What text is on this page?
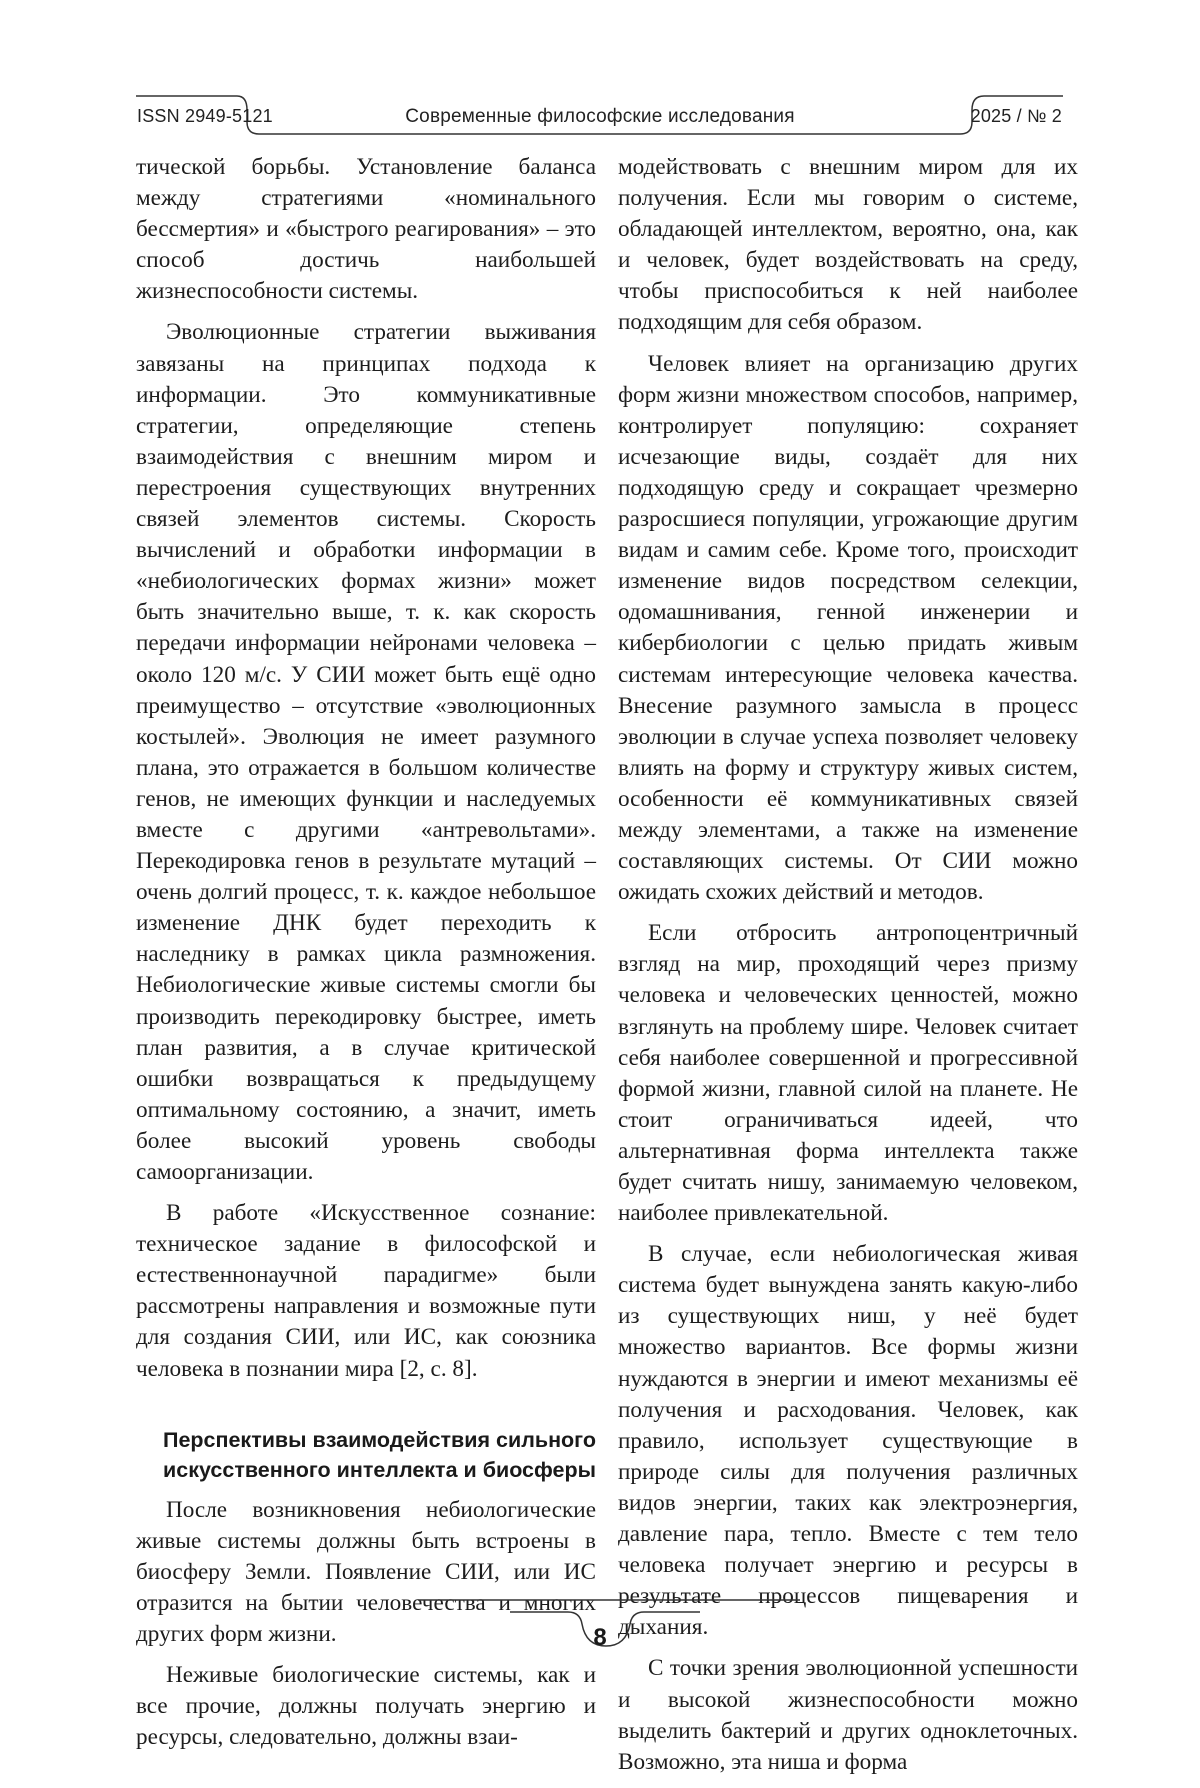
ISSN 2949-5121	Современные философские исследования	2025 / № 2

тической борьбы. Установление баланса между стратегиями «номинального бессмертия» и «быстрого реагирования» – это способ достичь наибольшей жизнеспособности системы.

Эволюционные стратегии выживания завязаны на принципах подхода к информации. Это коммуникативные стратегии, определяющие степень взаимодействия с внешним миром и перестроения существующих внутренних связей элементов системы. Скорость вычислений и обработки информации в «небиологических формах жизни» может быть значительно выше, т. к. как скорость передачи информации нейронами человека – около 120 м/с. У СИИ может быть ещё одно преимущество – отсутствие «эволюционных костылей». Эволюция не имеет разумного плана, это отражается в большом количестве генов, не имеющих функции и наследуемых вместе с другими «антревольтами». Перекодировка генов в результате мутаций – очень долгий процесс, т. к. каждое небольшое изменение ДНК будет переходить к наследнику в рамках цикла размножения. Небиологические живые системы смогли бы производить перекодировку быстрее, иметь план развития, а в случае критической ошибки возвращаться к предыдущему оптимальному состоянию, а значит, иметь более высокий уровень свободы самоорганизации.

В работе «Искусственное сознание: техническое задание в философской и естественнонаучной парадигме» были рассмотрены направления и возможные пути для создания СИИ, или ИС, как союзника человека в познании мира [2, с. 8].

Перспективы взаимодействия сильного искусственного интеллекта и биосферы

После возникновения небиологические живые системы должны быть встроены в биосферу Земли. Появление СИИ, или ИС отразится на бытии человечества и многих других форм жизни.

Неживые биологические системы, как и все прочие, должны получать энергию и ресурсы, следовательно, должны взаи-

модействовать с внешним миром для их получения. Если мы говорим о системе, обладающей интеллектом, вероятно, она, как и человек, будет воздействовать на среду, чтобы приспособиться к ней наиболее подходящим для себя образом.

Человек влияет на организацию других форм жизни множеством способов, например, контролирует популяцию: сохраняет исчезающие виды, создаёт для них подходящую среду и сокращает чрезмерно разросшиеся популяции, угрожающие другим видам и самим себе. Кроме того, происходит изменение видов посредством селекции, одомашнивания, генной инженерии и кибербиологии с целью придать живым системам интересующие человека качества. Внесение разумного замысла в процесс эволюции в случае успеха позволяет человеку влиять на форму и структуру живых систем, особенности её коммуникативных связей между элементами, а также на изменение составляющих системы. От СИИ можно ожидать схожих действий и методов.

Если отбросить антропоцентричный взгляд на мир, проходящий через призму человека и человеческих ценностей, можно взглянуть на проблему шире. Человек считает себя наиболее совершенной и прогрессивной формой жизни, главной силой на планете. Не стоит ограничиваться идеей, что альтернативная форма интеллекта также будет считать нишу, занимаемую человеком, наиболее привлекательной.

В случае, если небиологическая живая система будет вынуждена занять какую-либо из существующих ниш, у неё будет множество вариантов. Все формы жизни нуждаются в энергии и имеют механизмы её получения и расходования. Человек, как правило, использует существующие в природе силы для получения различных видов энергии, таких как электроэнергия, давление пара, тепло. Вместе с тем тело человека получает энергию и ресурсы в результате процессов пищеварения и дыхания.

С точки зрения эволюционной успешности и высокой жизнеспособности можно выделить бактерий и других одноклеточных. Возможно, эта ниша и форма

8
